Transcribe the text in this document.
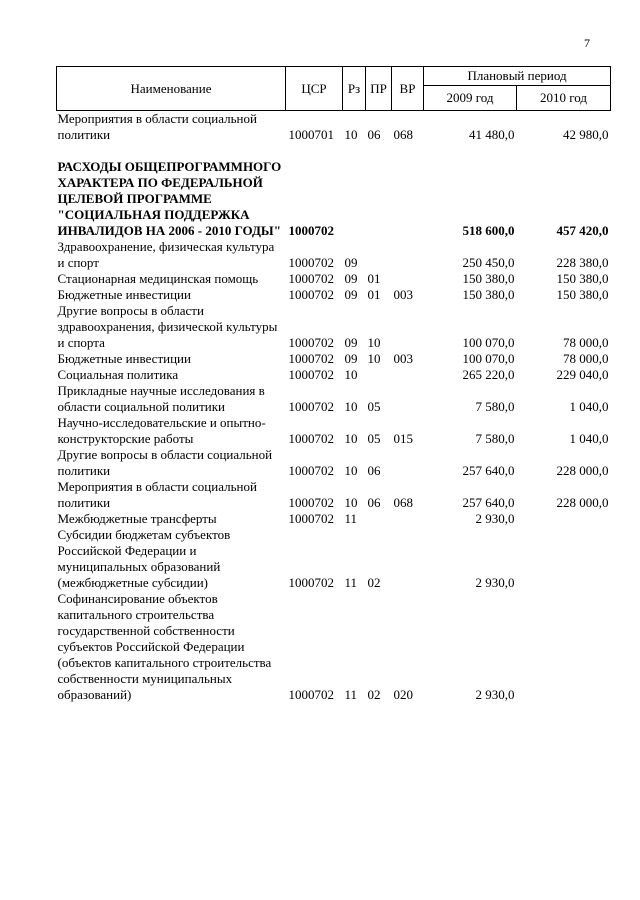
7
Наименование	ЦСР	Рз	ПР	ВР	Плановый период	
					2009 год	2010 год
Мероприятия в области социальной политики	1000701	10	06	068	41 480,0	42 980,0
РАСХОДЫ ОБЩЕПРОГРАММНОГО ХАРАКТЕРА ПО ФЕДЕРАЛЬНОЙ ЦЕЛЕВОЙ ПРОГРАММЕ "СОЦИАЛЬНАЯ ПОДДЕРЖКА ИНВАЛИДОВ НА 2006 - 2010 ГОДЫ"	1000702				518 600,0	457 420,0
Здравоохранение, физическая культура и спорт	1000702	09			250 450,0	228 380,0
Стационарная медицинская помощь	1000702	09	01		150 380,0	150 380,0
Бюджетные инвестиции	1000702	09	01	003	150 380,0	150 380,0
Другие вопросы в области здравоохранения, физической культуры и спорта	1000702	09	10		100 070,0	78 000,0
Бюджетные инвестиции	1000702	09	10	003	100 070,0	78 000,0
Социальная политика	1000702	10			265 220,0	229 040,0
Прикладные научные исследования в области социальной политики	1000702	10	05		7 580,0	1 040,0
Научно-исследовательские и опытно-конструкторские работы	1000702	10	05	015	7 580,0	1 040,0
Другие вопросы в области социальной политики	1000702	10	06		257 640,0	228 000,0
Мероприятия в области социальной политики	1000702	10	06	068	257 640,0	228 000,0
Межбюджетные трансферты	1000702	11			2 930,0	
Субсидии бюджетам субъектов Российской Федерации и муниципальных образований (межбюджетные субсидии)	1000702	11	02		2 930,0	
Софинансирование объектов капитального строительства государственной собственности субъектов Российской Федерации (объектов капитального строительства собственности муниципальных образований)	1000702	11	02	020	2 930,0	
